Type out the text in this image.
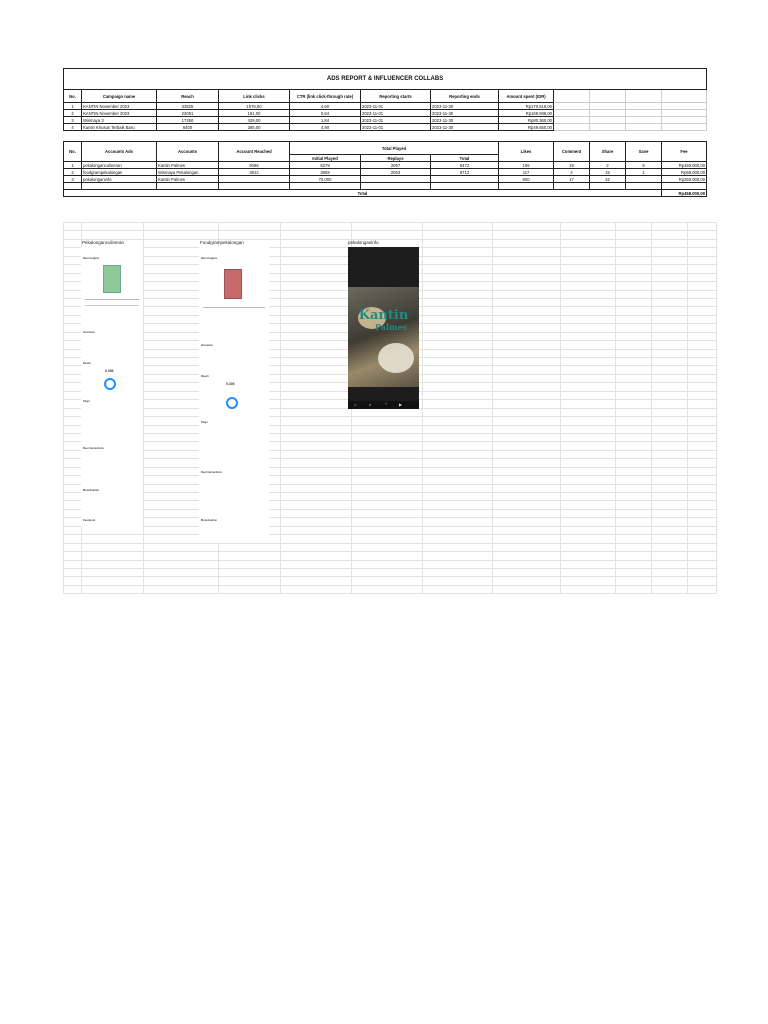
ADS REPORT & INFLUENCER COLLABS											
No.	Campaign name	Reach	Link clicks	CTR (link click-through rate)	Reporting starts	Reporting ends	Amount spent (IDR)				
1	KANTIN November 2023	33825	1576,00	4,60	2023-11-01	2023-11-30	Rp170.616,00				
2	KANTIN November 2023	22091	191,00	0,64	2023-11-01	2023-11-30	Rp169.936,00				
3	Wismaya 3	17260	429,00	1,84	2023-11-01	2023-11-30	Rp80.360,00				
4	Kantin Khusus Terbaik Baru	6400	285,00	4,90	2023-11-01	2023-11-30	Rp49.650,00				

No.	Accounts Ads	Accounts	Account Reached	Total Played			Likes	Comment	Share	Save	Fee
				Initial Played	Replays	Total					
1	pekalonganculineran	Kantin Palmes	6086	6279	2067	8472	106	19	2	6	Rp150.000,00
2	foodgrampekalongan	Wismaya Pekalongan	3812	3659	2053	8712	117	4	15	1	Rp58.000,00
3	pekalonganinfo	Kantin Palmes		70.000			900	17	42		Rp250.000,00

Total											Rp458.000,00

Pekalonganculineran
Reel insights
Overview
Reach
6,086
Plays
Reel interactions
Monetisation
Facebook
Foodgrampekalongan
Reel insights
Overview
Reach
5,306
Plays
Reel interactions
Monetisation
pekalonganinfo
Kantin
Palmes
⌂	⌕	＋	▶
